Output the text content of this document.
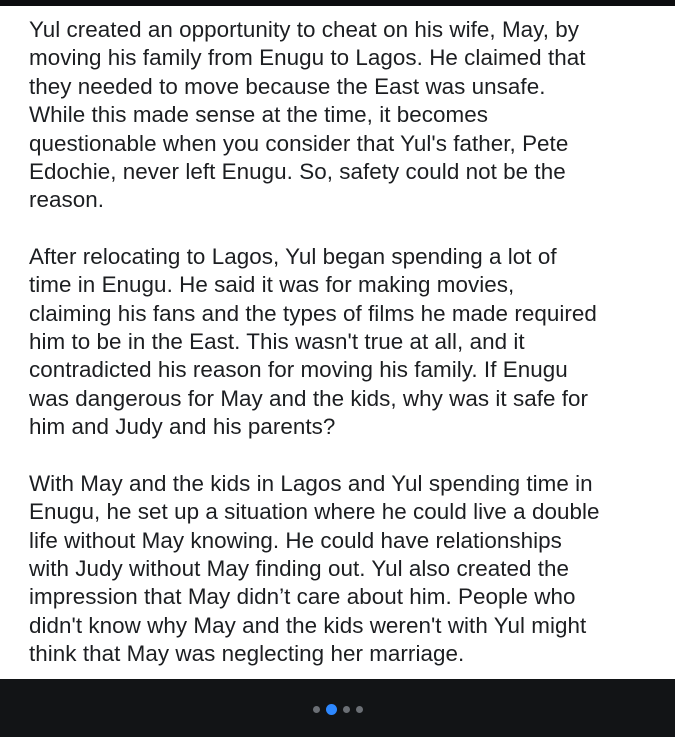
Yul created an opportunity to cheat on his wife, May, by
moving his family from Enugu to Lagos. He claimed that
they needed to move because the East was unsafe.
While this made sense at the time, it becomes
questionable when you consider that Yul's father, Pete
Edochie, never left Enugu. So, safety could not be the
reason.

After relocating to Lagos, Yul began spending a lot of
time in Enugu. He said it was for making movies,
claiming his fans and the types of films he made required
him to be in the East. This wasn't true at all, and it
contradicted his reason for moving his family. If Enugu
was dangerous for May and the kids, why was it safe for
him and Judy and his parents?

With May and the kids in Lagos and Yul spending time in
Enugu, he set up a situation where he could live a double
life without May knowing. He could have relationships
with Judy without May finding out. Yul also created the
impression that May didn’t care about him. People who
didn't know why May and the kids weren't with Yul might
think that May was neglecting her marriage.
